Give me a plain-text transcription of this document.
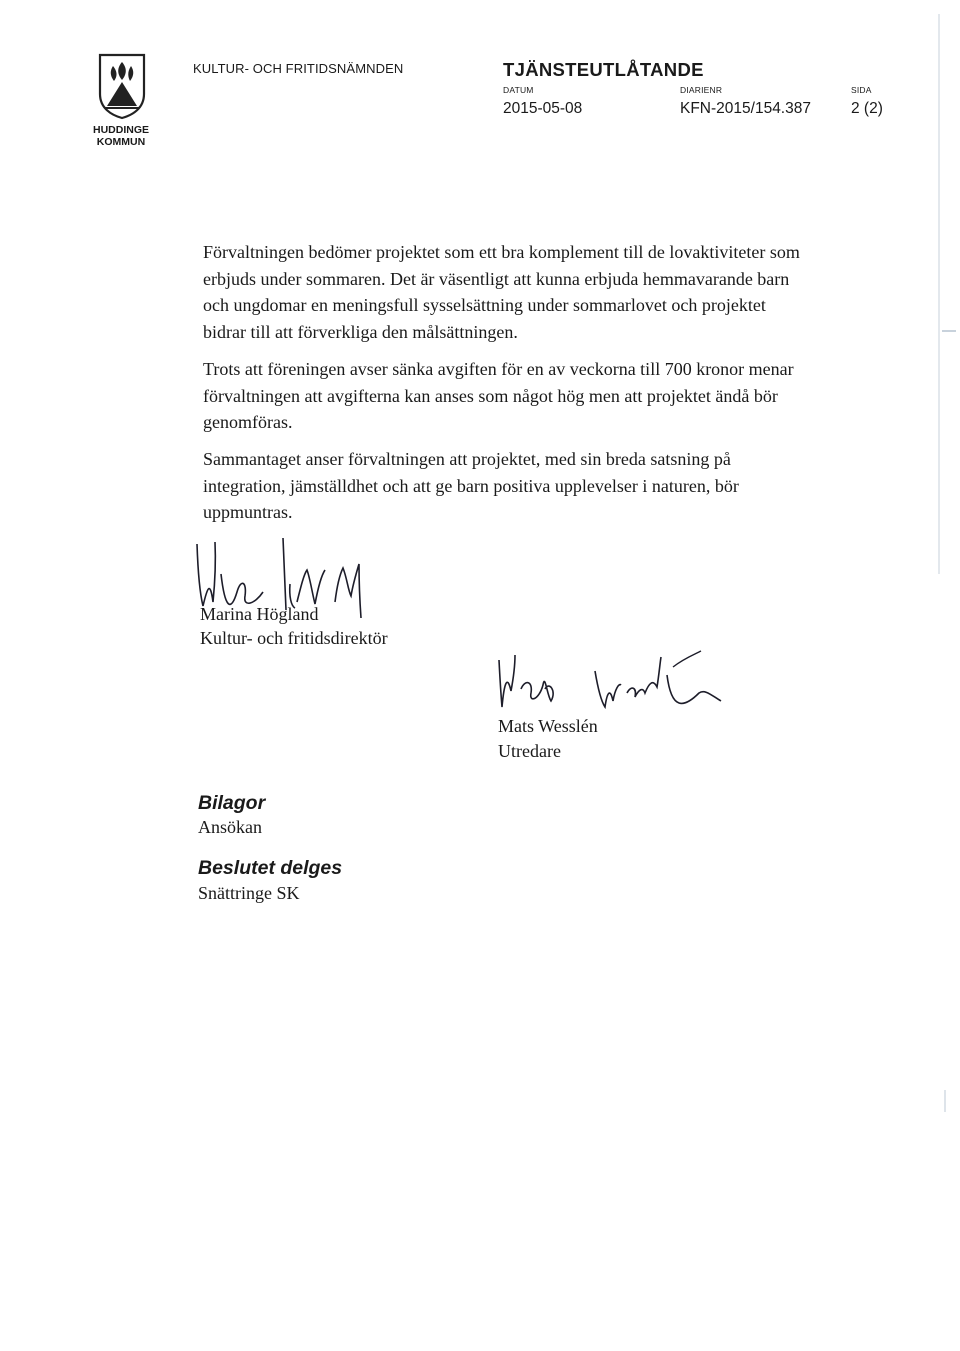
HUDDINGE
KOMMUN
KULTUR- OCH FRITIDSNÄMNDEN	TJÄNSTEUTLÅTANDE
DATUM
2015-05-08
DIARIENR
KFN-2015/154.387
SIDA
2 (2)

Förvaltningen bedömer projektet som ett bra komplement till de lovaktiviteter som erbjuds under sommaren. Det är väsentligt att kunna erbjuda hemmavarande barn och ungdomar en meningsfull sysselsättning under sommarlovet och projektet bidrar till att förverkliga den målsättningen.

Trots att föreningen avser sänka avgiften för en av veckorna till 700 kronor menar förvaltningen att avgifterna kan anses som något hög men att projektet ändå bör genomföras.

Sammantaget anser förvaltningen att projektet, med sin breda satsning på integration, jämställdhet och att ge barn positiva upplevelser i naturen, bör uppmuntras.

Marina Högland
Kultur- och fritidsdirektör
Mats Wesslén
Utredare
Bilagor
Ansökan
Beslutet delges
Snättringe SK
